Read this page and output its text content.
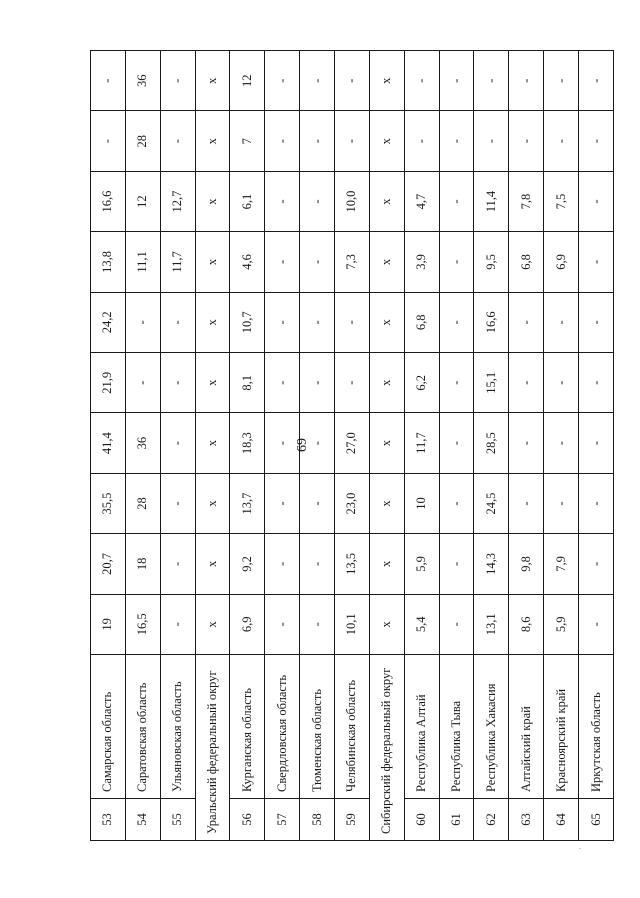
69
53	Самарская область	19	20,7	35,5	41,4	21,9	24,2	13,8	16,6	-	-
54	Саратовская область	16,5	18	28	36	-	-	11,1	12	28	36
55	Ульяновская область	-	-	-	-	-	-	11,7	12,7	-	-
Уральский федеральный округ		х	х	х	х	х	х	х	х	х	х
56	Курганская область	6,9	9,2	13,7	18,3	8,1	10,7	4,6	6,1	7	12
57	Свердловская область	-	-	-	-	-	-	-	-	-	-
58	Тюменская область	-	-	-	-	-	-	-	-	-	-
59	Челябинская область	10,1	13,5	23,0	27,0	-	-	7,3	10,0	-	-
Сибирский федеральный округ		х	х	х	х	х	х	х	х	х	х
60	Республика Алтай	5,4	5,9	10	11,7	6,2	6,8	3,9	4,7	-	-
61	Республика Тыва	-	-	-	-	-	-	-	-	-	-
62	Республика Хакасия	13,1	14,3	24,5	28,5	15,1	16,6	9,5	11,4	-	-
63	Алтайский край	8,6	9,8	-	-	-	-	6,8	7,8	-	-
64	Красноярский край	5,9	7,9	-	-	-	-	6,9	7,5	-	-
65	Иркутская область	-	-	-	-	-	-	-	-	-	-
.
